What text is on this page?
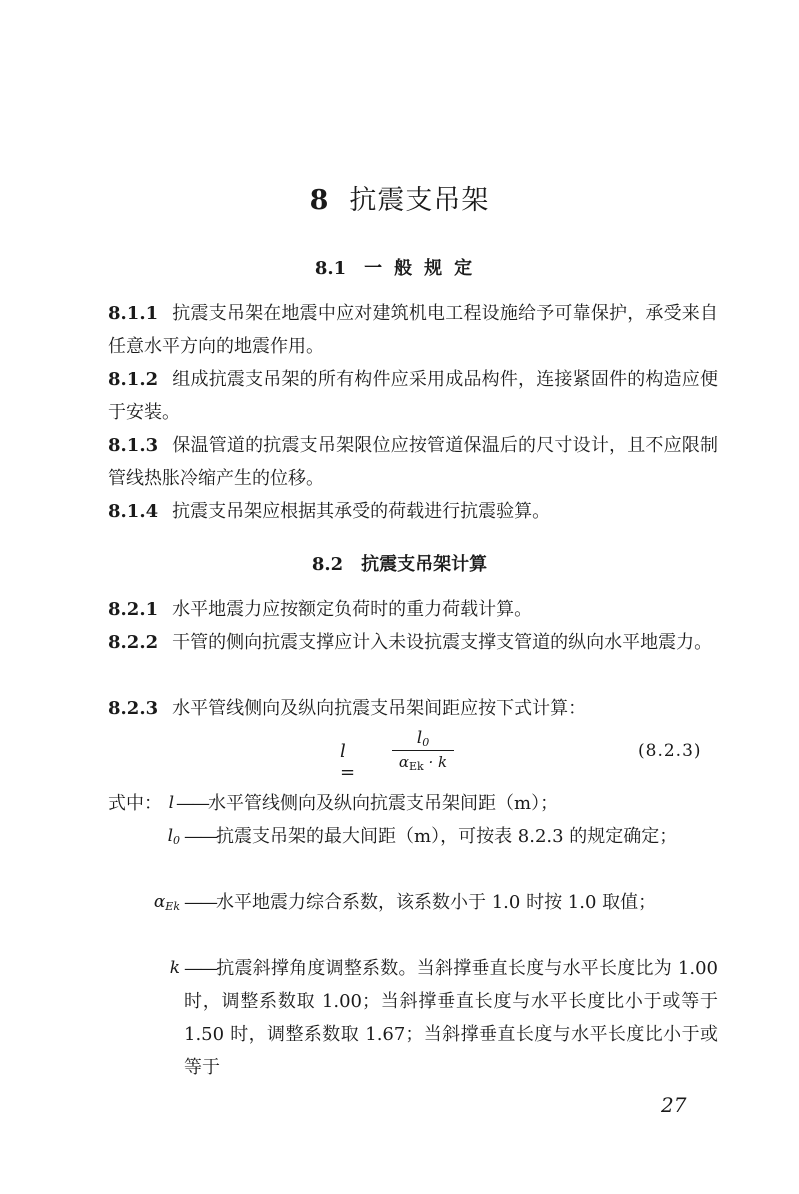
8 抗震支吊架
8.1 一般规定
8.1.1 抗震支吊架在地震中应对建筑机电工程设施给予可靠保护，承受来自任意水平方向的地震作用。
8.1.2 组成抗震支吊架的所有构件应采用成品构件，连接紧固件的构造应便于安装。
8.1.3 保温管道的抗震支吊架限位应按管道保温后的尺寸设计，且不应限制管线热胀冷缩产生的位移。
8.1.4 抗震支吊架应根据其承受的荷载进行抗震验算。
8.2 抗震支吊架计算
8.2.1 水平地震力应按额定负荷时的重力荷载计算。
8.2.2 干管的侧向抗震支撑应计入未设抗震支撑支管道的纵向水平地震力。
8.2.3 水平管线侧向及纵向抗震支吊架间距应按下式计算：
l =
$l_0$
$\alpha_{Ek} \cdot k$
(8.2.3)
式中： l ——水平管线侧向及纵向抗震支吊架间距（m）；
$l_0$ ——抗震支吊架的最大间距（m），可按表 8.2.3 的规定确定；
$\alpha_{Ek}$ ——水平地震力综合系数，该系数小于 1.0 时按 1.0 取值；
k ——抗震斜撑角度调整系数。当斜撑垂直长度与水平长度比为 1.00 时，调整系数取 1.00；当斜撑垂直长度与水平长度比小于或等于 1.50 时，调整系数取 1.67；当斜撑垂直长度与水平长度比小于或等于
27
